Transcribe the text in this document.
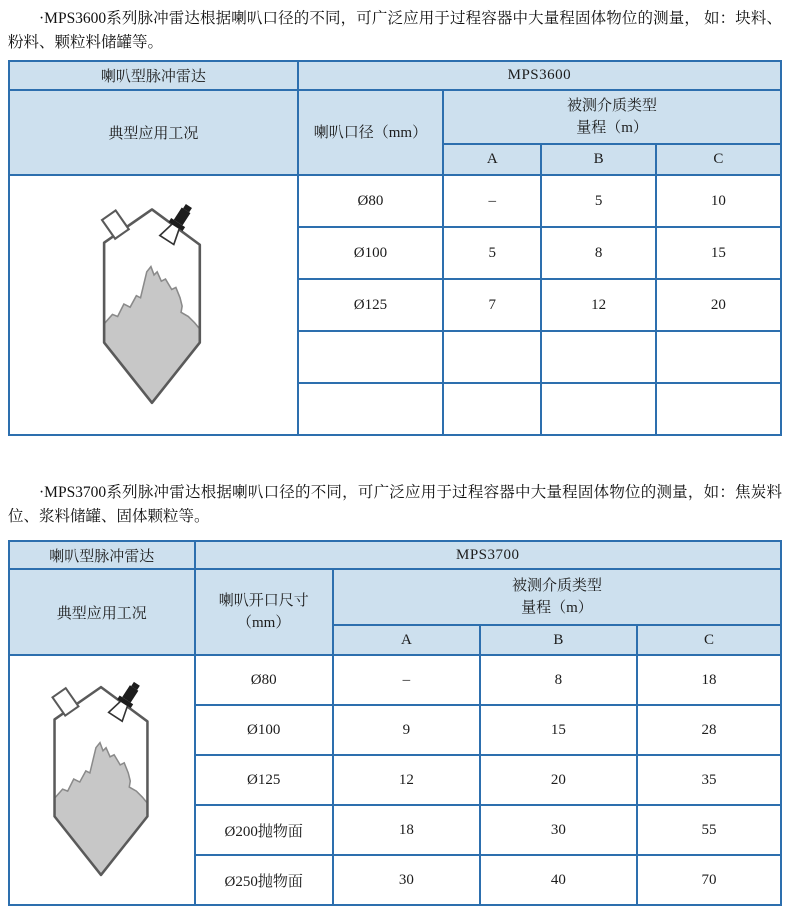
·MPS3600系列脉冲雷达根据喇叭口径的不同，可广泛应用于过程容器中大量程固体物位的测量， 如：块料、粉料、颗粒料储罐等。

喇叭型脉冲雷达	MPS3600			
典型应用工况	喇叭口径（mm）	被测介质类型
量程（m）		

		A	B	C
	Ø80	–	5	10
	Ø100	5	8	15
	Ø125	7	12	20

·MPS3700系列脉冲雷达根据喇叭口径的不同，可广泛应用于过程容器中大量程固体物位的测量，如：焦炭料位、浆料储罐、固体颗粒等。

喇叭型脉冲雷达	MPS3700			
典型应用工况	喇叭开口尺寸
（mm）	被测介质类型
量程（m）		

		A	B	C
	Ø80	–	8	18
	Ø100	9	15	28
	Ø125	12	20	35
	Ø200抛物面	18	30	55
	Ø250抛物面	30	40	70
